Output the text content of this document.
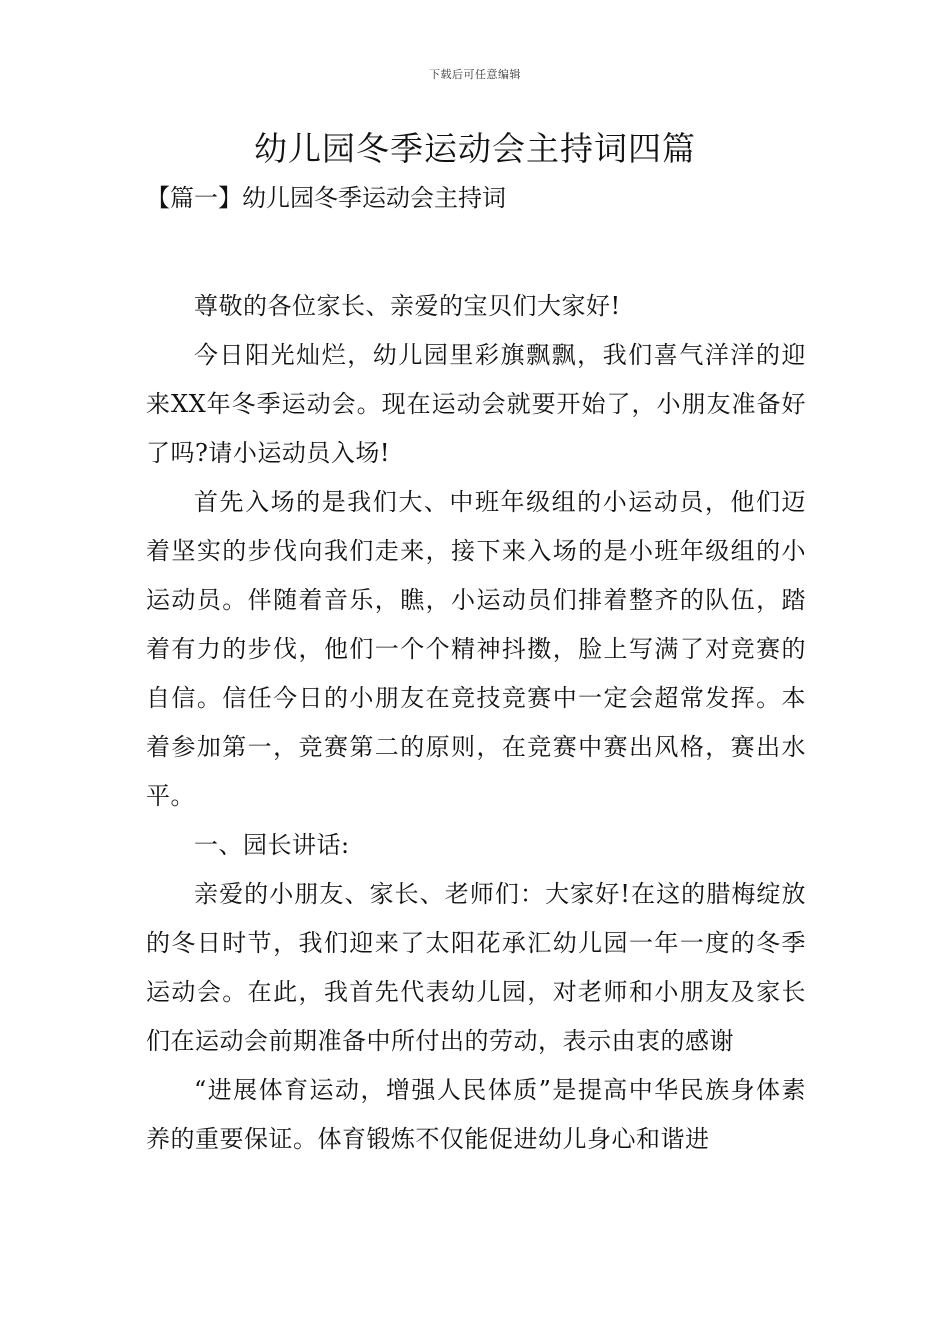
下载后可任意编辑
幼儿园冬季运动会主持词四篇
【篇一】幼儿园冬季运动会主持词

尊敬的各位家长、亲爱的宝贝们大家好!

今日阳光灿烂，幼儿园里彩旗飘飘，我们喜气洋洋的迎来XX年冬季运动会。现在运动会就要开始了，小朋友准备好了吗?请小运动员入场!

首先入场的是我们大、中班年级组的小运动员，他们迈着坚实的步伐向我们走来，接下来入场的是小班年级组的小运动员。伴随着音乐，瞧，小运动员们排着整齐的队伍，踏着有力的步伐，他们一个个精神抖擞，脸上写满了对竞赛的自信。信任今日的小朋友在竞技竞赛中一定会超常发挥。本着参加第一，竞赛第二的原则，在竞赛中赛出风格，赛出水平。

一、园长讲话:

亲爱的小朋友、家长、老师们：大家好!在这的腊梅绽放的冬日时节，我们迎来了太阳花承汇幼儿园一年一度的冬季运动会。在此，我首先代表幼儿园，对老师和小朋友及家长们在运动会前期准备中所付出的劳动，表示由衷的感谢

“进展体育运动，增强人民体质”是提高中华民族身体素养的重要保证。体育锻炼不仅能促进幼儿身心和谐进
